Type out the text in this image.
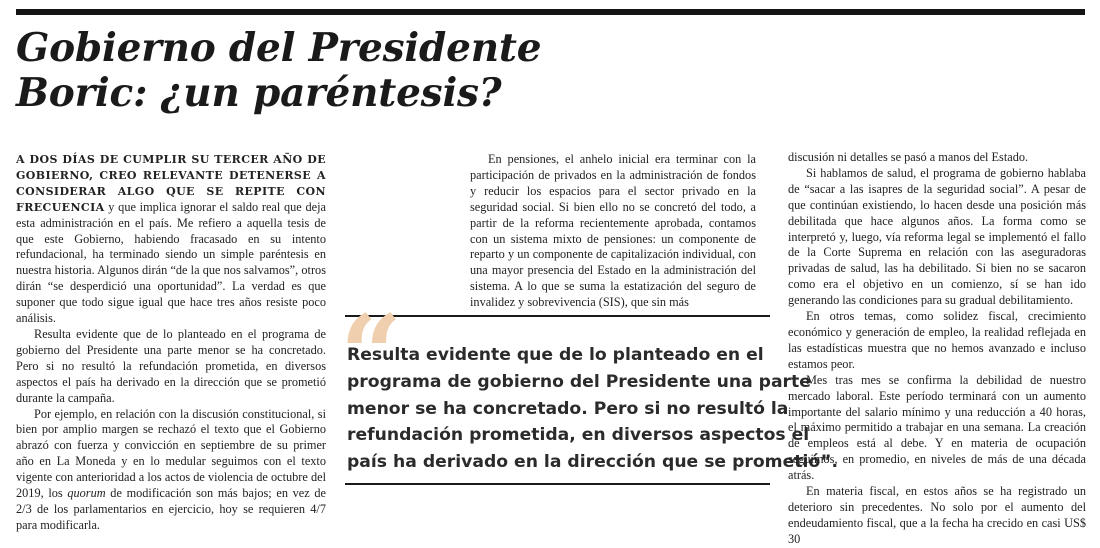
Gobierno del Presidente
Boric: ¿un paréntesis?

A DOS DÍAS DE CUMPLIR SU TERCER AÑO DE GOBIERNO, CREO RELEVANTE DETENERSE A CONSIDERAR ALGO QUE SE REPITE CON FRECUENCIA y que implica ignorar el saldo real que deja esta administración en el país. Me refiero a aquella tesis de que este Gobierno, habiendo fracasado en su intento refundacional, ha terminado siendo un simple paréntesis en nuestra historia. Algunos dirán “de la que nos salvamos”, otros dirán “se desperdició una oportunidad”. La verdad es que suponer que todo sigue igual que hace tres años resiste poco análisis.

Resulta evidente que de lo planteado en el programa de gobierno del Presidente una parte menor se ha concretado. Pero si no resultó la refundación prometida, en diversos aspectos el país ha derivado en la dirección que se prometió durante la campaña.

Por ejemplo, en relación con la discusión constitucional, si bien por amplio margen se rechazó el texto que el Gobierno abrazó con fuerza y convicción en septiembre de su primer año en La Moneda y en lo medular seguimos con el texto vigente con anterioridad a los actos de violencia de octubre del 2019, los quorum de modificación son más bajos; en vez de 2/3 de los parlamentarios en ejercicio, hoy se requieren 4/7 para modificarla.

En pensiones, el anhelo inicial era terminar con la participación de privados en la administración de fondos y reducir los espacios para el sector privado en la seguridad social. Si bien ello no se concretó del todo, a partir de la reforma recientemente aprobada, contamos con un sistema mixto de pensiones: un componente de reparto y un componente de capitalización individual, con una mayor presencia del Estado en la administración del sistema. A lo que se suma la estatización del seguro de invalidez y sobrevivencia (SIS), que sin más

“
Resulta evidente que de lo planteado en el
programa de gobierno del Presidente una parte
menor se ha concretado. Pero si no resultó la
refundación prometida, en diversos aspectos el
país ha derivado en la dirección que se prometió”.

discusión ni detalles se pasó a manos del Estado.

Si hablamos de salud, el programa de gobierno hablaba de “sacar a las isapres de la seguridad social”. A pesar de que continúan existiendo, lo hacen desde una posición más debilitada que hace algunos años. La forma como se interpretó y, luego, vía reforma legal se implementó el fallo de la Corte Suprema en relación con las aseguradoras privadas de salud, las ha debilitado. Si bien no se sacaron como era el objetivo en un comienzo, sí se han ido generando las condiciones para su gradual debilitamiento.

En otros temas, como solidez fiscal, crecimiento económico y generación de empleo, la realidad reflejada en las estadísticas muestra que no hemos avanzado e incluso estamos peor.

Mes tras mes se confirma la debilidad de nuestro mercado laboral. Este período terminará con un aumento importante del salario mínimo y una reducción a 40 horas, el máximo permitido a trabajar en una semana. La creación de empleos está al debe. Y en materia de ocupación seguimos, en promedio, en niveles de más de una década atrás.

En materia fiscal, en estos años se ha registrado un deterioro sin precedentes. No solo por el aumento del endeudamiento fiscal, que a la fecha ha crecido en casi US$ 30
